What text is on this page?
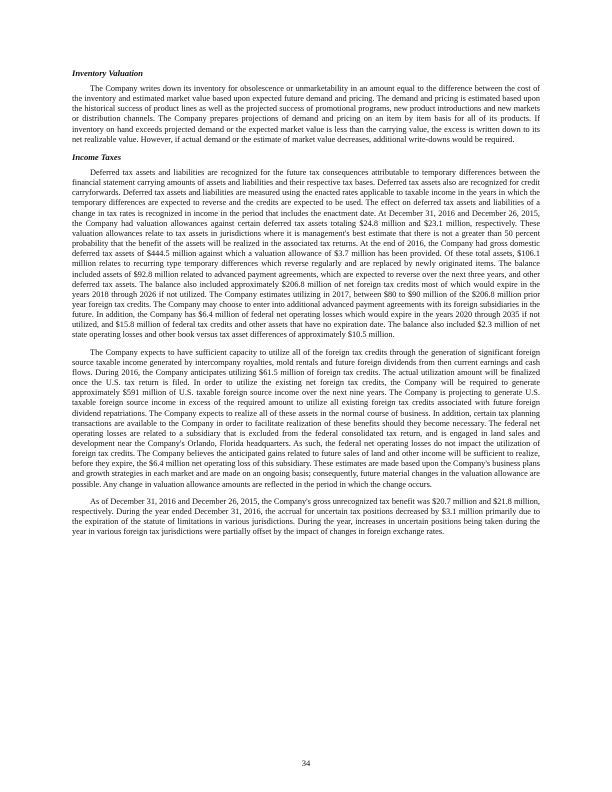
Inventory Valuation

The Company writes down its inventory for obsolescence or unmarketability in an amount equal to the difference between the cost of the inventory and estimated market value based upon expected future demand and pricing. The demand and pricing is estimated based upon the historical success of product lines as well as the projected success of promotional programs, new product introductions and new markets or distribution channels. The Company prepares projections of demand and pricing on an item by item basis for all of its products. If inventory on hand exceeds projected demand or the expected market value is less than the carrying value, the excess is written down to its net realizable value. However, if actual demand or the estimate of market value decreases, additional write-downs would be required.

Income Taxes

Deferred tax assets and liabilities are recognized for the future tax consequences attributable to temporary differences between the financial statement carrying amounts of assets and liabilities and their respective tax bases. Deferred tax assets also are recognized for credit carryforwards. Deferred tax assets and liabilities are measured using the enacted rates applicable to taxable income in the years in which the temporary differences are expected to reverse and the credits are expected to be used. The effect on deferred tax assets and liabilities of a change in tax rates is recognized in income in the period that includes the enactment date. At December 31, 2016 and December 26, 2015, the Company had valuation allowances against certain deferred tax assets totaling $24.8 million and $23.1 million, respectively. These valuation allowances relate to tax assets in jurisdictions where it is management's best estimate that there is not a greater than 50 percent probability that the benefit of the assets will be realized in the associated tax returns. At the end of 2016, the Company had gross domestic deferred tax assets of $444.5 million against which a valuation allowance of $3.7 million has been provided. Of these total assets, $106.1 million relates to recurring type temporary differences which reverse regularly and are replaced by newly originated items. The balance included assets of $92.8 million related to advanced payment agreements, which are expected to reverse over the next three years, and other deferred tax assets. The balance also included approximately $206.8 million of net foreign tax credits most of which would expire in the years 2018 through 2026 if not utilized. The Company estimates utilizing in 2017, between $80 to $90 million of the $206.8 million prior year foreign tax credits. The Company may choose to enter into additional advanced payment agreements with its foreign subsidiaries in the future. In addition, the Company has $6.4 million of federal net operating losses which would expire in the years 2020 through 2035 if not utilized, and $15.8 million of federal tax credits and other assets that have no expiration date. The balance also included $2.3 million of net state operating losses and other book versus tax asset differences of approximately $10.5 million.

The Company expects to have sufficient capacity to utilize all of the foreign tax credits through the generation of significant foreign source taxable income generated by intercompany royalties, mold rentals and future foreign dividends from then current earnings and cash flows. During 2016, the Company anticipates utilizing $61.5 million of foreign tax credits. The actual utilization amount will be finalized once the U.S. tax return is filed. In order to utilize the existing net foreign tax credits, the Company will be required to generate approximately $591 million of U.S. taxable foreign source income over the next nine years. The Company is projecting to generate U.S. taxable foreign source income in excess of the required amount to utilize all existing foreign tax credits associated with future foreign dividend repatriations. The Company expects to realize all of these assets in the normal course of business. In addition, certain tax planning transactions are available to the Company in order to facilitate realization of these benefits should they become necessary. The federal net operating losses are related to a subsidiary that is excluded from the federal consolidated tax return, and is engaged in land sales and development near the Company's Orlando, Florida headquarters. As such, the federal net operating losses do not impact the utilization of foreign tax credits. The Company believes the anticipated gains related to future sales of land and other income will be sufficient to realize, before they expire, the $6.4 million net operating loss of this subsidiary. These estimates are made based upon the Company's business plans and growth strategies in each market and are made on an ongoing basis; consequently, future material changes in the valuation allowance are possible. Any change in valuation allowance amounts are reflected in the period in which the change occurs.

As of December 31, 2016 and December 26, 2015, the Company's gross unrecognized tax benefit was $20.7 million and $21.8 million, respectively. During the year ended December 31, 2016, the accrual for uncertain tax positions decreased by $3.1 million primarily due to the expiration of the statute of limitations in various jurisdictions. During the year, increases in uncertain positions being taken during the year in various foreign tax jurisdictions were partially offset by the impact of changes in foreign exchange rates.

34
